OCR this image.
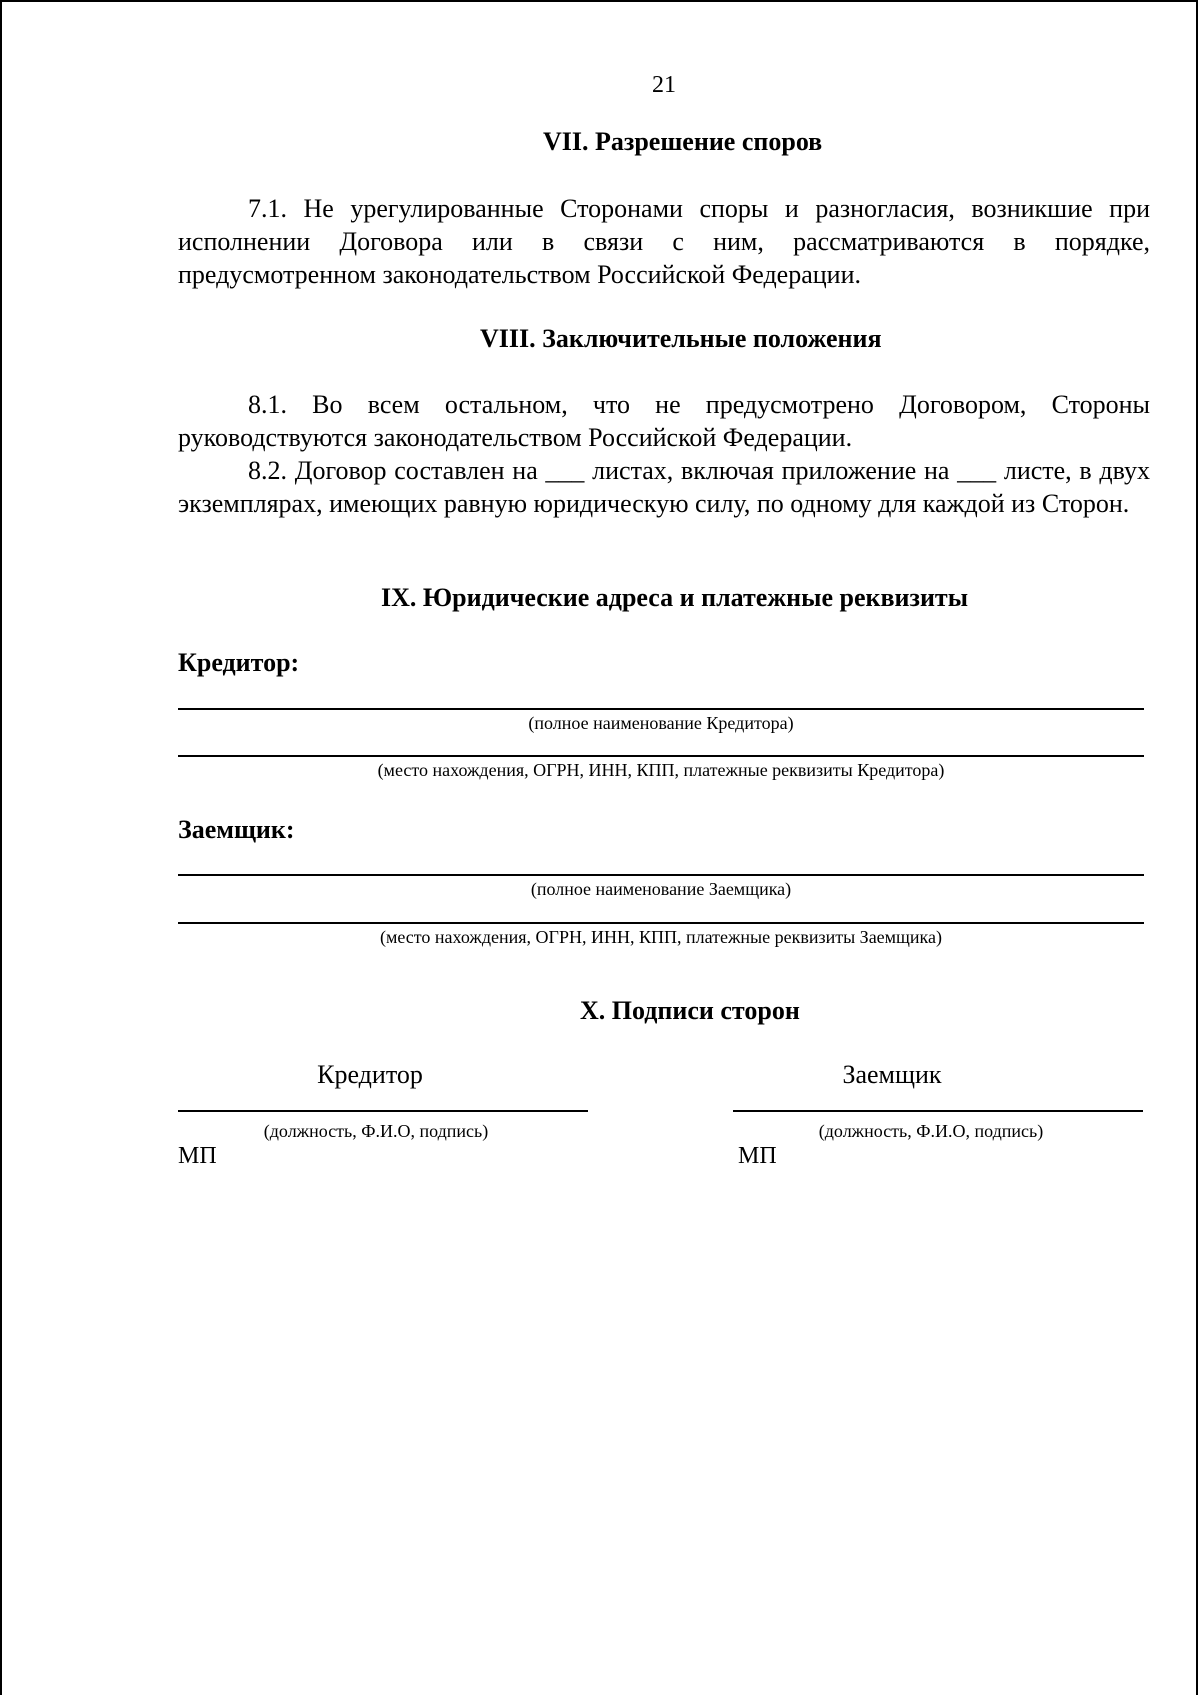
21
VII. Разрешение споров
7.1. Не урегулированные Сторонами споры и разногласия, возникшие при исполнении Договора или в связи с ним, рассматриваются в порядке, предусмотренном законодательством Российской Федерации.
VIII. Заключительные положения
8.1. Во всем остальном, что не предусмотрено Договором, Стороны руководствуются законодательством Российской Федерации.
8.2. Договор составлен на ___ листах, включая приложение на ___ листе, в двух экземплярах, имеющих равную юридическую силу, по одному для каждой из Сторон.
IX. Юридические адреса и платежные реквизиты
Кредитор:
(полное наименование Кредитора)
(место нахождения, ОГРН, ИНН, КПП, платежные реквизиты Кредитора)
Заемщик:
(полное наименование Заемщика)
(место нахождения, ОГРН, ИНН, КПП, платежные реквизиты Заемщика)
X. Подписи сторон
Кредитор	Заемщик
(должность, Ф.И.О, подпись)	(должность, Ф.И.О, подпись)
МП	МП
